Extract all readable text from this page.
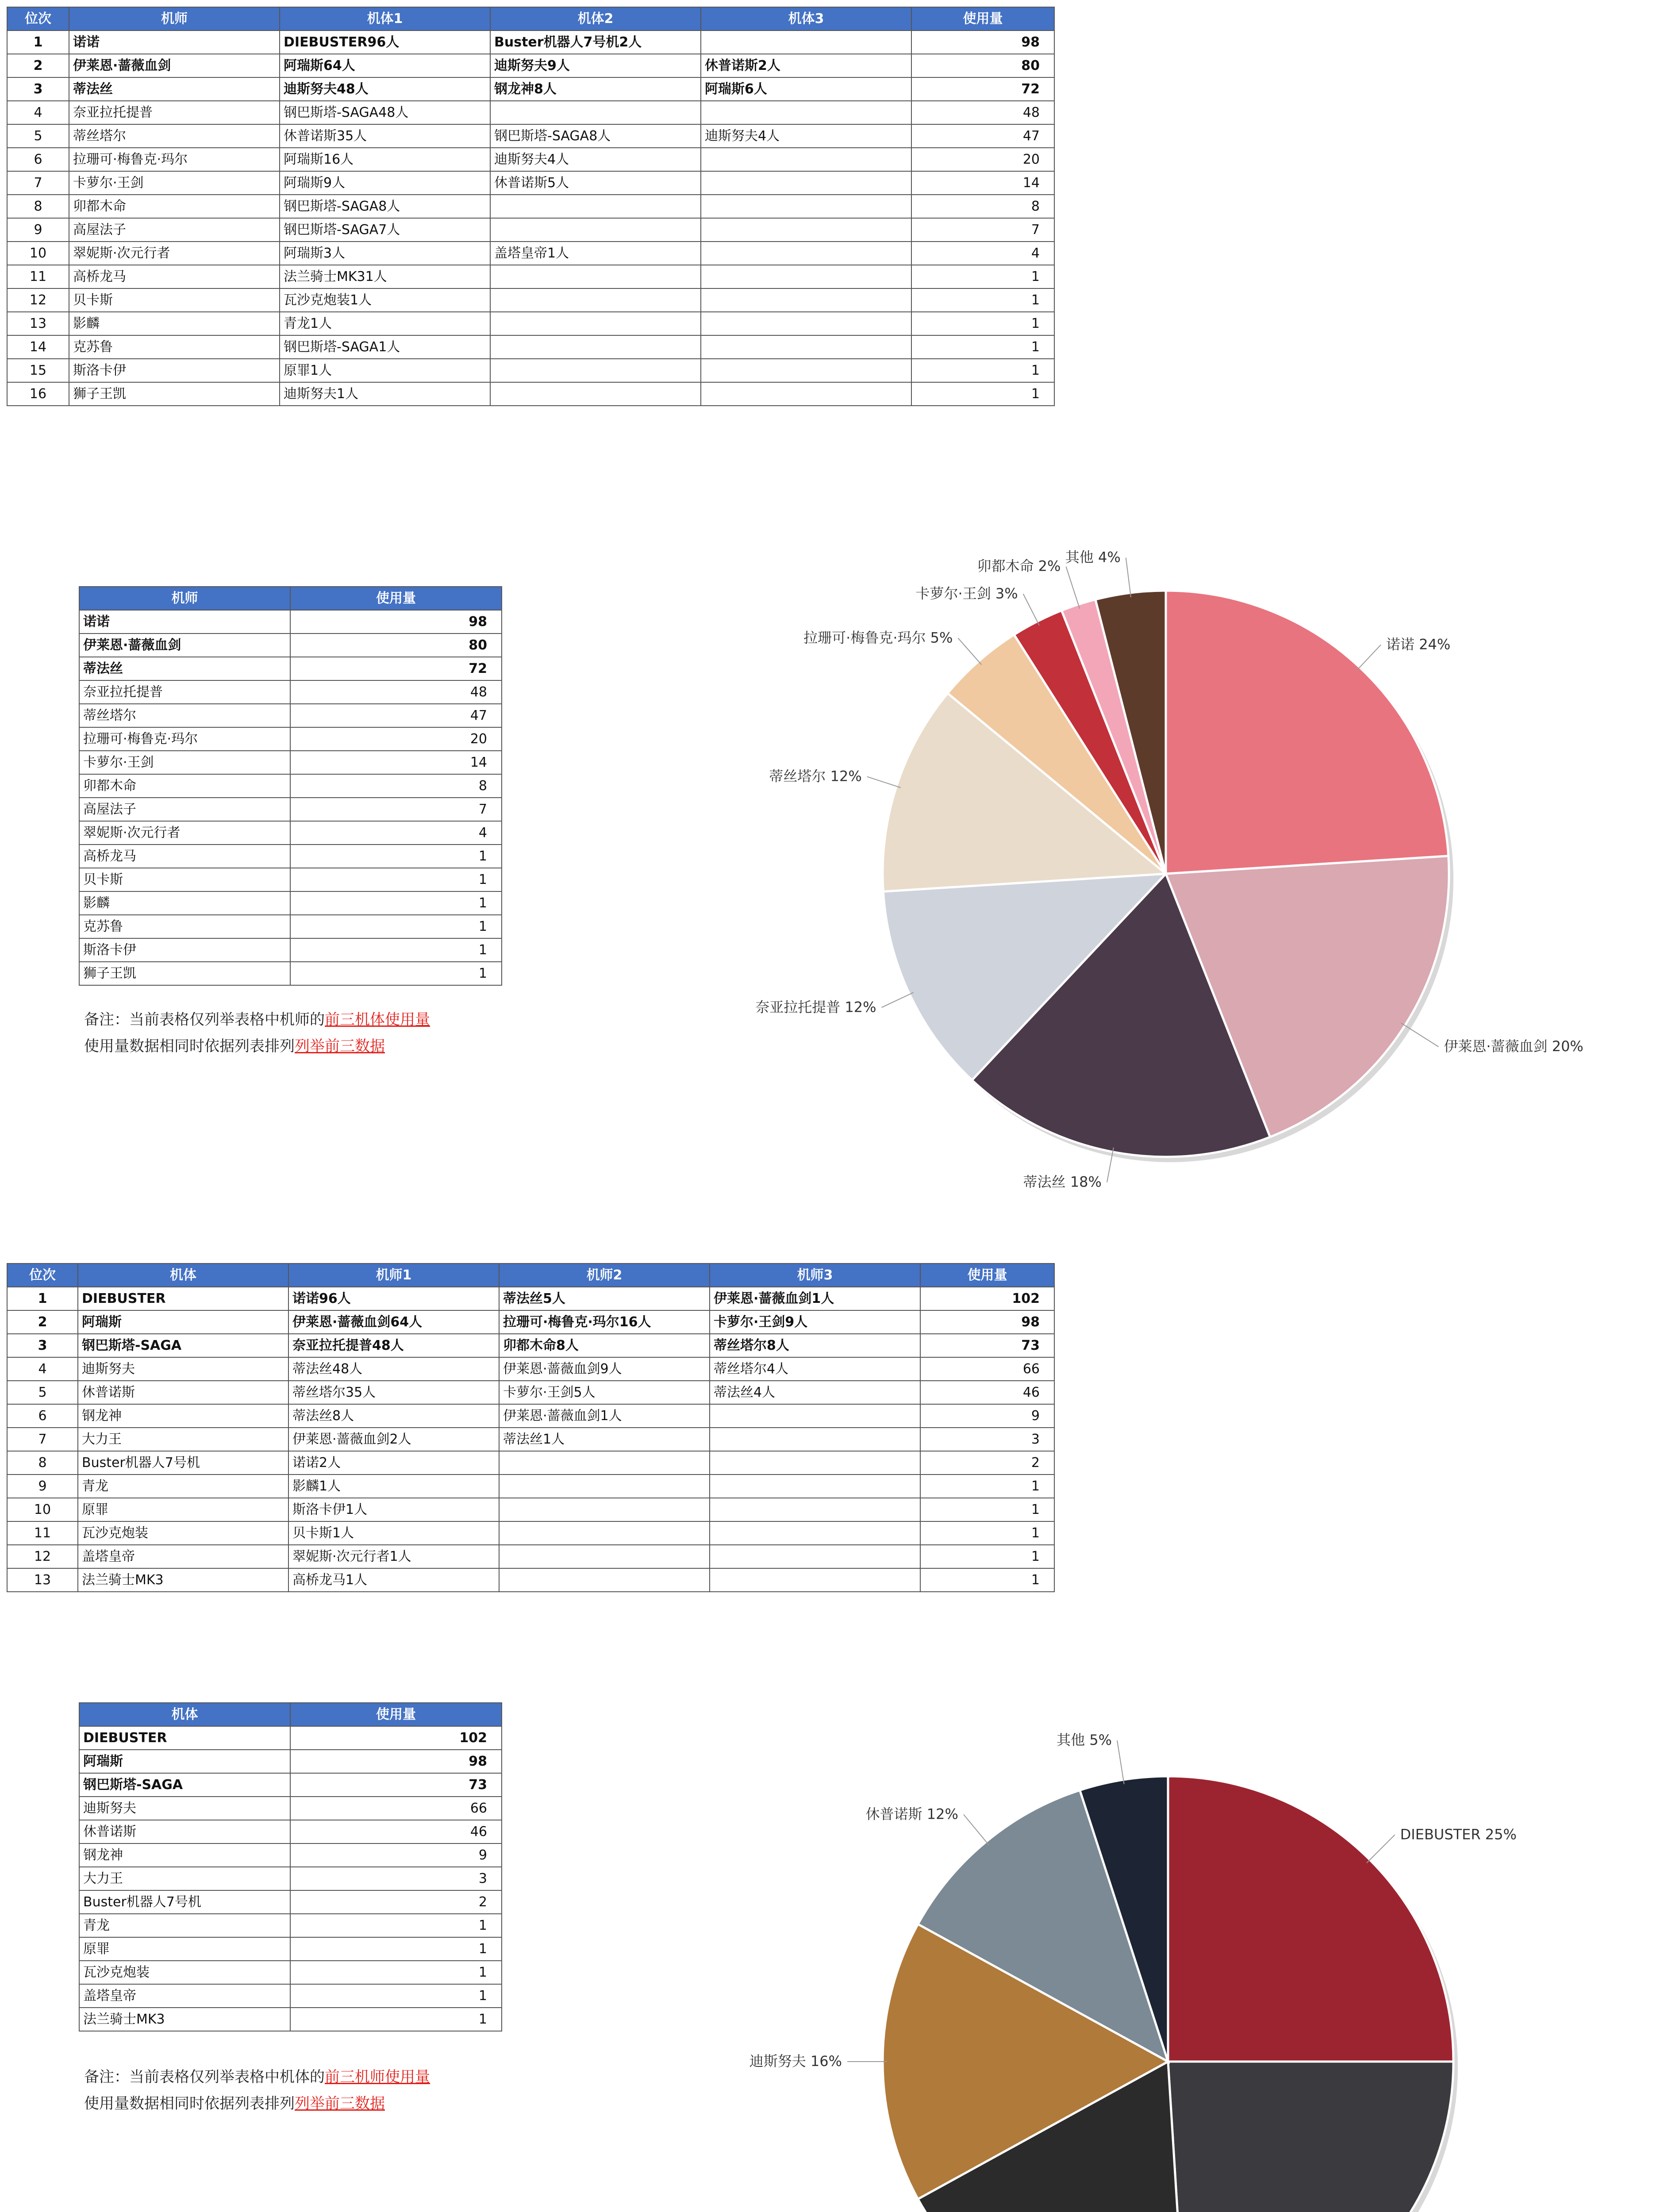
位次	机师	机体1	机体2	机体3	使用量
1	诺诺	DIEBUSTER96人	Buster机器人7号机2人		98
2	伊莱恩·蔷薇血剑	阿瑞斯64人	迪斯努夫9人	休普诺斯2人	80
3	蒂法丝	迪斯努夫48人	钢龙神8人	阿瑞斯6人	72
4	奈亚拉托提普	钢巴斯塔-SAGA48人			48
5	蒂丝塔尔	休普诺斯35人	钢巴斯塔-SAGA8人	迪斯努夫4人	47
6	拉珊可·梅鲁克·玛尔	阿瑞斯16人	迪斯努夫4人		20
7	卡萝尔·王剑	阿瑞斯9人	休普诺斯5人		14
8	卯都木命	钢巴斯塔-SAGA8人			8
9	高屋法子	钢巴斯塔-SAGA7人			7
10	翠妮斯·次元行者	阿瑞斯3人	盖塔皇帝1人		4
11	高桥龙马	法兰骑士MK31人			1
12	贝卡斯	瓦沙克炮装1人			1
13	影麟	青龙1人			1
14	克苏鲁	钢巴斯塔-SAGA1人			1
15	斯洛卡伊	原罪1人			1
16	狮子王凯	迪斯努夫1人			1
机师	使用量
诺诺	98
伊莱恩·蔷薇血剑	80
蒂法丝	72
奈亚拉托提普	48
蒂丝塔尔	47
拉珊可·梅鲁克·玛尔	20
卡萝尔·王剑	14
卯都木命	8
高屋法子	7
翠妮斯·次元行者	4
高桥龙马	1
贝卡斯	1
影麟	1
克苏鲁	1
斯洛卡伊	1
狮子王凯	1
备注：当前表格仅列举表格中机师的前三机体使用量
使用量数据相同时依据列表排列列举前三数据
诺诺 24%
伊莱恩·蔷薇血剑 20%
蒂法丝 18%
奈亚拉托提普 12%
蒂丝塔尔 12%
拉珊可·梅鲁克·玛尔 5%
卡萝尔·王剑 3%
卯都木命 2%
其他 4%
位次	机体	机师1	机师2	机师3	使用量
1	DIEBUSTER	诺诺96人	蒂法丝5人	伊莱恩·蔷薇血剑1人	102
2	阿瑞斯	伊莱恩·蔷薇血剑64人	拉珊可·梅鲁克·玛尔16人	卡萝尔·王剑9人	98
3	钢巴斯塔-SAGA	奈亚拉托提普48人	卯都木命8人	蒂丝塔尔8人	73
4	迪斯努夫	蒂法丝48人	伊莱恩·蔷薇血剑9人	蒂丝塔尔4人	66
5	休普诺斯	蒂丝塔尔35人	卡萝尔·王剑5人	蒂法丝4人	46
6	钢龙神	蒂法丝8人	伊莱恩·蔷薇血剑1人		9
7	大力王	伊莱恩·蔷薇血剑2人	蒂法丝1人		3
8	Buster机器人7号机	诺诺2人			2
9	青龙	影麟1人			1
10	原罪	斯洛卡伊1人			1
11	瓦沙克炮装	贝卡斯1人			1
12	盖塔皇帝	翠妮斯·次元行者1人			1
13	法兰骑士MK3	高桥龙马1人			1
机体	使用量
DIEBUSTER	102
阿瑞斯	98
钢巴斯塔-SAGA	73
迪斯努夫	66
休普诺斯	46
钢龙神	9
大力王	3
Buster机器人7号机	2
青龙	1
原罪	1
瓦沙克炮装	1
盖塔皇帝	1
法兰骑士MK3	1
备注：当前表格仅列举表格中机体的前三机师使用量
使用量数据相同时依据列表排列列举前三数据
DIEBUSTER 25%
迪斯努夫 16%
休普诺斯 12%
其他 5%
